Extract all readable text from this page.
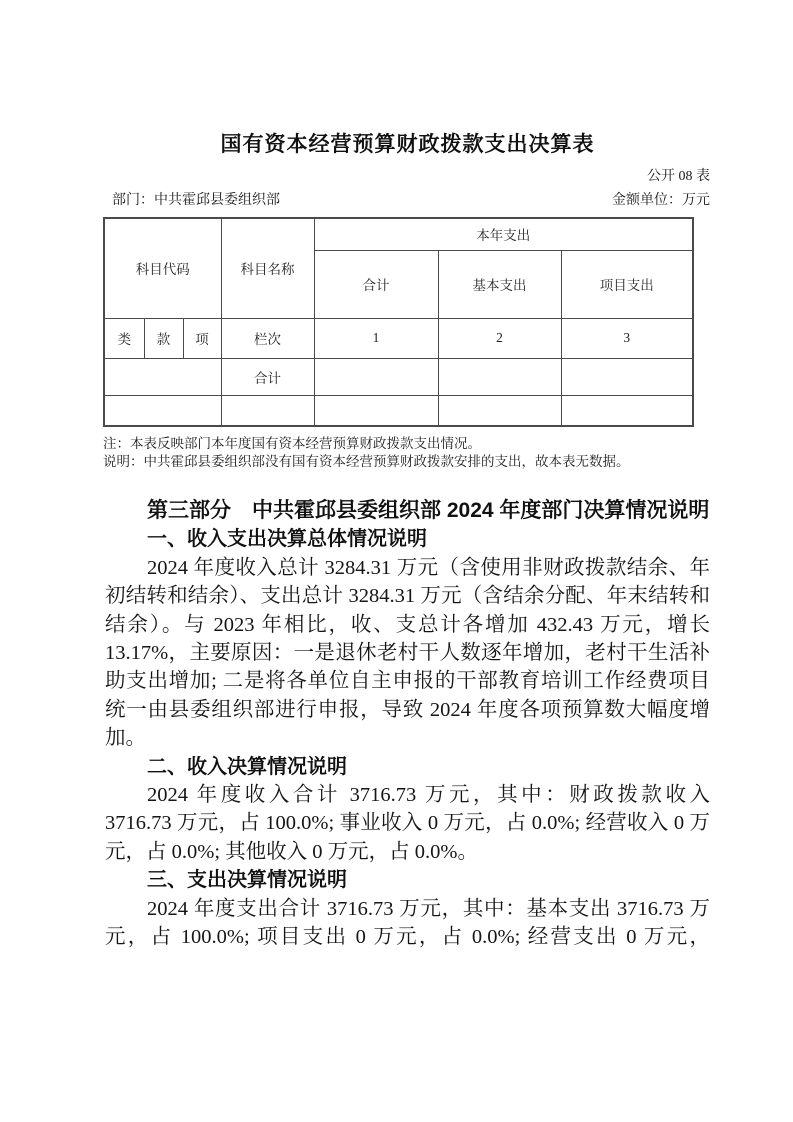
国有资本经营预算财政拨款支出决算表
公开 08 表
部门：中共霍邱县委组织部	金额单位：万元
科目代码			科目名称	本年支出		
				合计	基本支出	项目支出
类	款	项	栏次	1	2	3
			合计			

注：本表反映部门本年度国有资本经营预算财政拨款支出情况。
说明：中共霍邱县委组织部没有国有资本经营预算财政拨款安排的支出，故本表无数据。
第三部分　中共霍邱县委组织部 2024 年度部门决算情况说明
一、收入支出决算总体情况说明

2024 年度收入总计 3284.31 万元（含使用非财政拨款结余、年初结转和结余）、支出总计 3284.31 万元（含结余分配、年末结转和结余）。与 2023 年相比，收、支总计各增加 432.43 万元，增长 13.17%，主要原因：一是退休老村干人数逐年增加，老村干生活补助支出增加; 二是将各单位自主申报的干部教育培训工作经费项目统一由县委组织部进行申报，导致 2024 年度各项预算数大幅度增加。

二、收入决算情况说明

2024 年度收入合计 3716.73 万元，其中：财政拨款收入 3716.73 万元，占 100.0%; 事业收入 0 万元，占 0.0%; 经营收入 0 万元，占 0.0%; 其他收入 0 万元，占 0.0%。

三、支出决算情况说明

2024 年度支出合计 3716.73 万元，其中：基本支出 3716.73 万元，占 100.0%; 项目支出 0 万元，占 0.0%; 经营支出 0 万元，
